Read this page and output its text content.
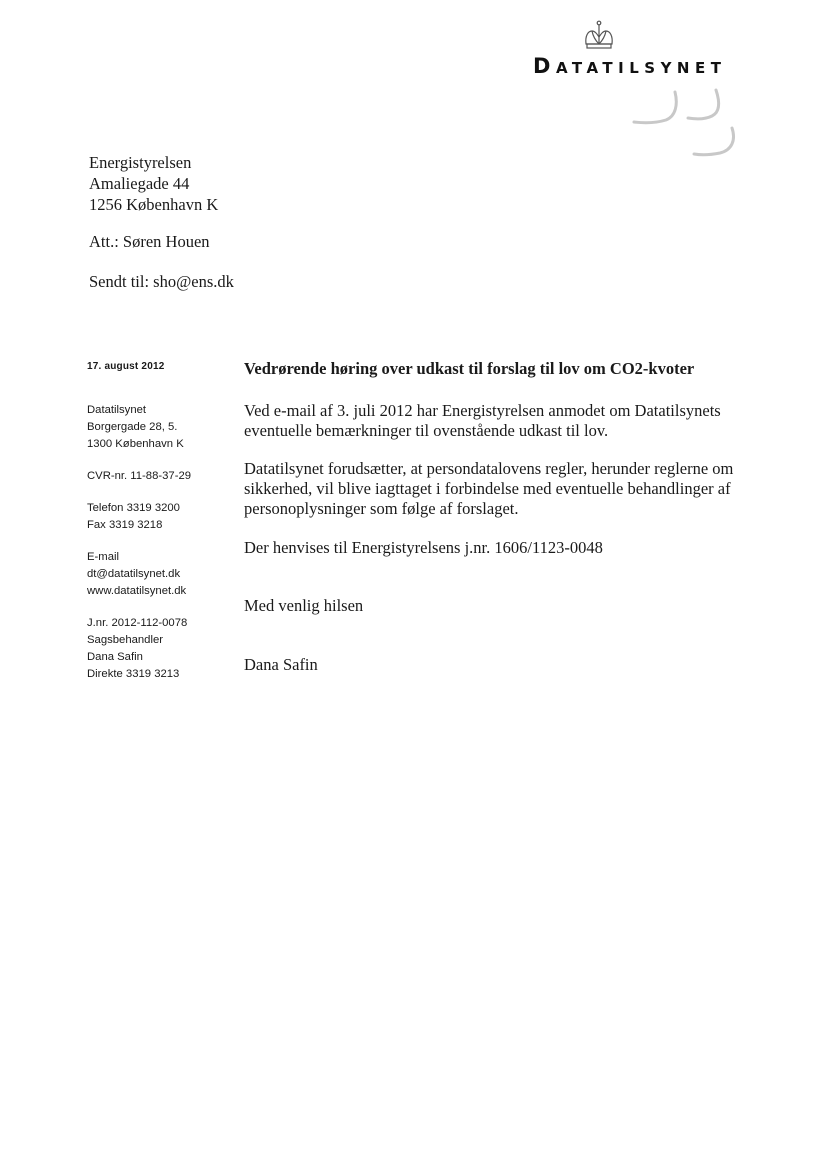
DATATILSYNET
Energistyrelsen
Amaliegade 44
1256 København K
Att.: Søren Houen
Sendt til: sho@ens.dk
17. august 2012
Datatilsynet
Borgergade 28, 5.
1300 København K
CVR-nr. 11-88-37-29
Telefon 3319 3200
Fax 3319 3218
E-mail
dt@datatilsynet.dk
www.datatilsynet.dk
J.nr. 2012-112-0078
Sagsbehandler
Dana Safin
Direkte 3319 3213
Vedrørende høring over udkast til forslag til lov om CO2-kvoter
Ved e-mail af 3. juli 2012 har Energistyrelsen anmodet om Datatilsynets
eventuelle bemærkninger til ovenstående udkast til lov.
Datatilsynet forudsætter, at persondatalovens regler, herunder reglerne om
sikkerhed, vil blive iagttaget i forbindelse med eventuelle behandlinger af
personoplysninger som følge af forslaget.
Der henvises til Energistyrelsens j.nr. 1606/1123-0048
Med venlig hilsen
Dana Safin
